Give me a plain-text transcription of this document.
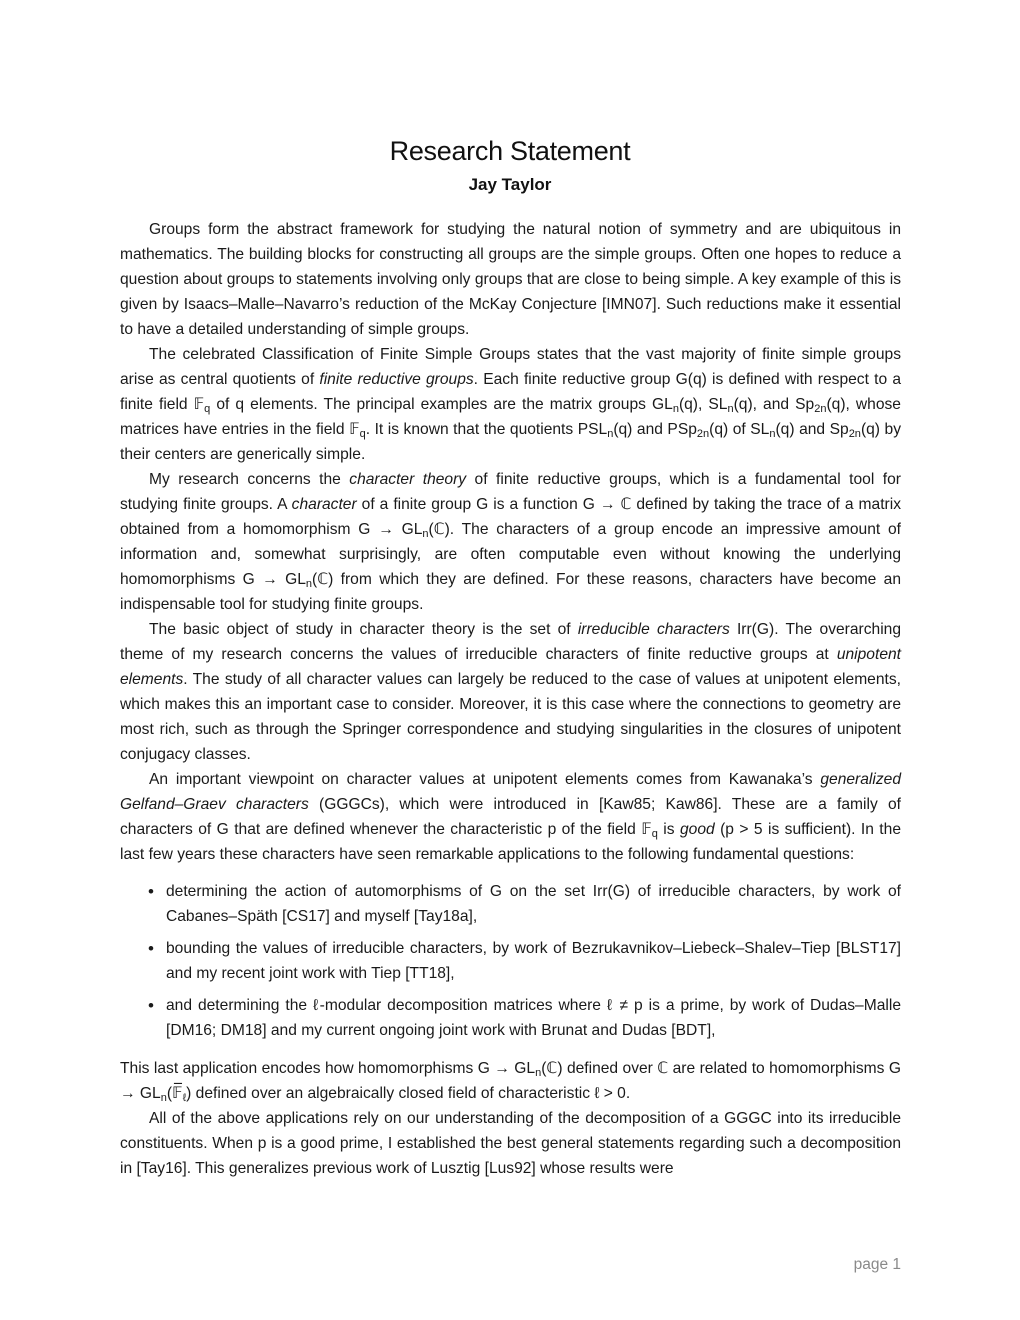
Research Statement
Jay Taylor

Groups form the abstract framework for studying the natural notion of symmetry and are ubiquitous in mathematics. The building blocks for constructing all groups are the simple groups. Often one hopes to reduce a question about groups to statements involving only groups that are close to being simple. A key example of this is given by Isaacs–Malle–Navarro’s reduction of the McKay Conjecture [IMN07]. Such reductions make it essential to have a detailed understanding of simple groups.

The celebrated Classification of Finite Simple Groups states that the vast majority of finite simple groups arise as central quotients of finite reductive groups. Each finite reductive group G(q) is defined with respect to a finite field 𝔽$_q$ of q elements. The principal examples are the matrix groups $GL_n(q)$, $SL_n(q)$, and $Sp_{2n}(q)$, whose matrices have entries in the field 𝔽$_q$. It is known that the quotients $PSL_n(q)$ and PSp$_{2n}$(q) of $SL_n(q)$ and $Sp_{2n}(q)$ by their centers are generically simple.

My research concerns the character theory of finite reductive groups, which is a fundamental tool for studying finite groups. A character of a finite group G is a function G → ℂ defined by taking the trace of a matrix obtained from a homomorphism $G \to GL_n(ℂ)$. The characters of a group encode an impressive amount of information and, somewhat surprisingly, are often computable even without knowing the underlying homomorphisms $G \to GL_n(ℂ)$ from which they are defined. For these reasons, characters have become an indispensable tool for studying finite groups.

The basic object of study in character theory is the set of irreducible characters Irr(G). The overarching theme of my research concerns the values of irreducible characters of finite reductive groups at unipotent elements. The study of all character values can largely be reduced to the case of values at unipotent elements, which makes this an important case to consider. Moreover, it is this case where the connections to geometry are most rich, such as through the Springer correspondence and studying singularities in the closures of unipotent conjugacy classes.

An important viewpoint on character values at unipotent elements comes from Kawanaka’s generalized Gelfand–Graev characters (GGGCs), which were introduced in [Kaw85; Kaw86]. These are a family of characters of G that are defined whenever the characteristic p of the field 𝔽$_q$ is good (p > 5 is sufficient). In the last few years these characters have seen remarkable applications to the following fundamental questions:

• determining the action of automorphisms of G on the set Irr(G) of irreducible characters, by work of Cabanes–Späth [CS17] and myself [Tay18a],
• bounding the values of irreducible characters, by work of Bezrukavnikov–Liebeck–Shalev–Tiep [BLST17] and my recent joint work with Tiep [TT18],
• and determining the ℓ-modular decomposition matrices where ℓ ≠ p is a prime, by work of Dudas–Malle [DM16; DM18] and my current ongoing joint work with Brunat and Dudas [BDT],

This last application encodes how homomorphisms $G \to GL_n(ℂ)$ defined over ℂ are related to homomorphisms $G \to GL_n(𝔽̅_\ell)$ defined over an algebraically closed field of characteristic ℓ > 0.

All of the above applications rely on our understanding of the decomposition of a GGGC into its irreducible constituents. When p is a good prime, I established the best general statements regarding such a decomposition in [Tay16]. This generalizes previous work of Lusztig [Lus92] whose results were

page 1
